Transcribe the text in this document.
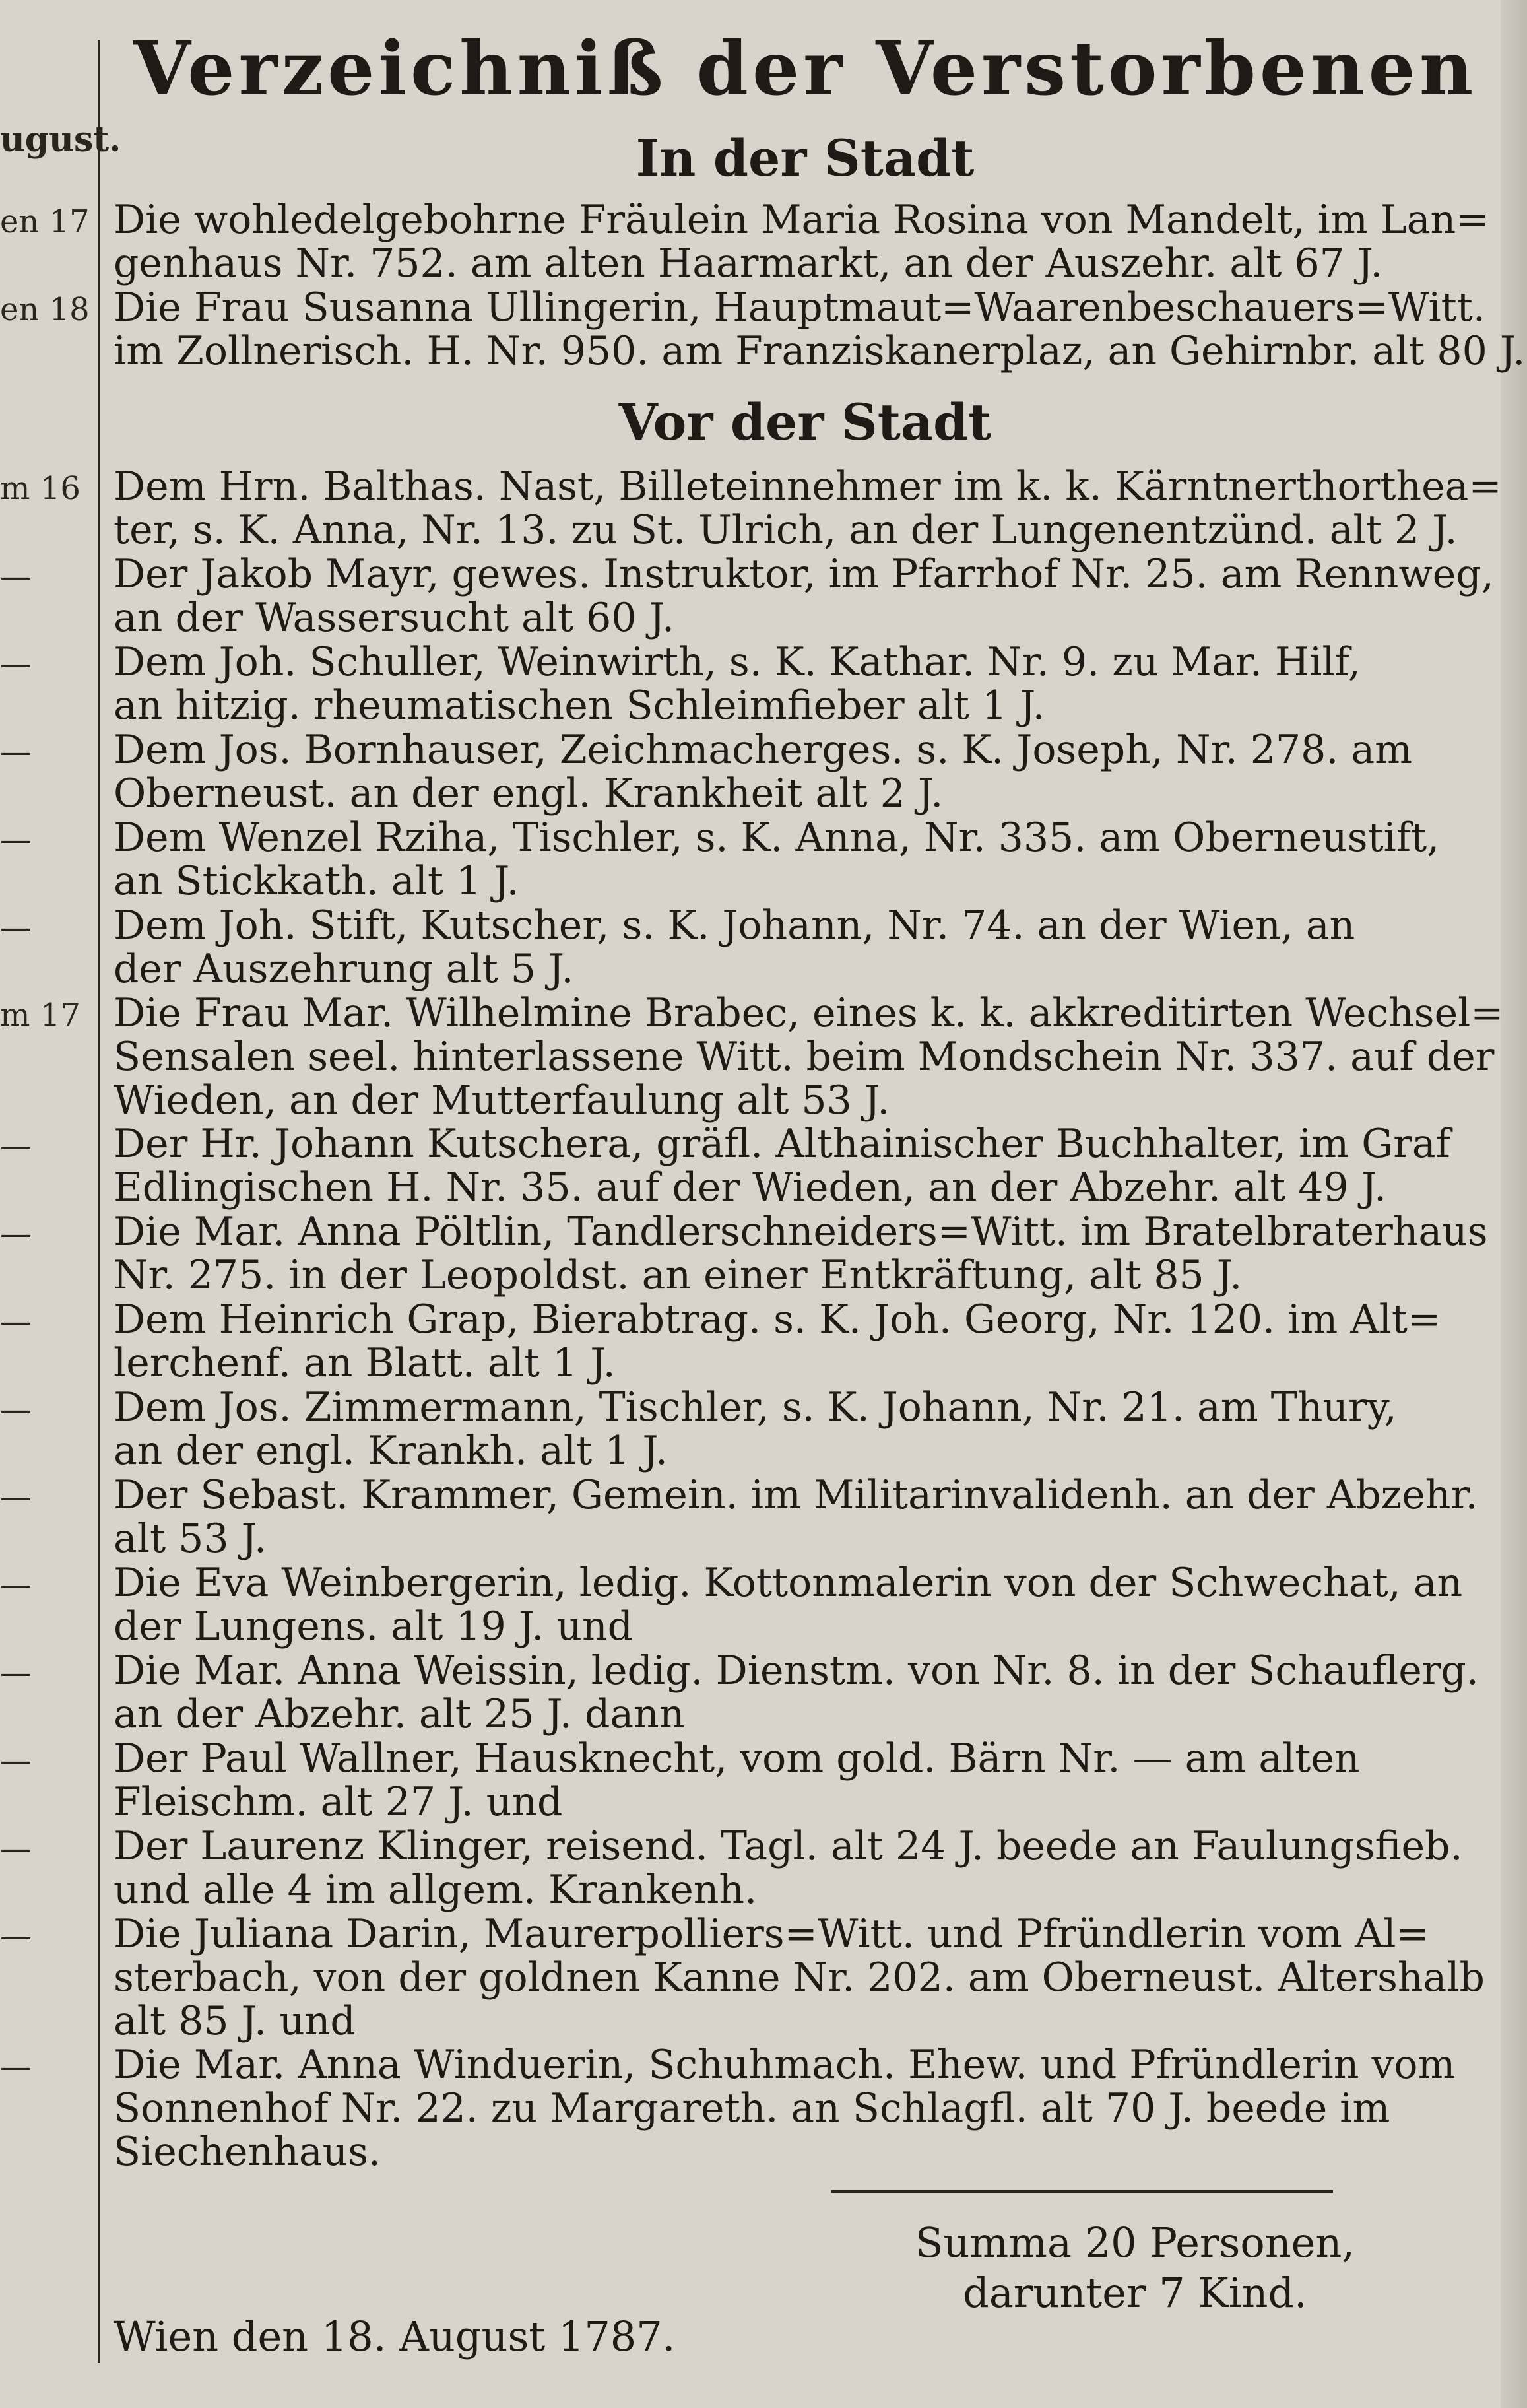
Verzeichniß der Verstorbenen
ugust.	In der Stadt
en 17 Die wohledelgebohrne Fräulein Maria Rosina von Mandelt, im Lan=
genhaus Nr. 752. am alten Haarmarkt, an der Auszehr. alt 67 J.
en 18 Die Frau Susanna Ullingerin, Hauptmaut=Waarenbeschauers=Witt.
im Zollnerisch. H. Nr. 950. am Franziskanerplaz, an Gehirnbr. alt 80 J.
Vor der Stadt
m 16 Dem Hrn. Balthas. Nast, Billeteinnehmer im k. k. Kärntnerthorthea=
ter, s. K. Anna, Nr. 13. zu St. Ulrich, an der Lungenentzünd. alt 2 J.
—	Der Jakob Mayr, gewes. Instruktor, im Pfarrhof Nr. 25. am Rennweg,
an der Wassersucht alt 60 J.
—	Dem Joh. Schuller, Weinwirth, s. K. Kathar. Nr. 9. zu Mar. Hilf,
an hitzig. rheumatischen Schleimfieber alt 1 J.
—	Dem Jos. Bornhauser, Zeichmacherges. s. K. Joseph, Nr. 278. am
Oberneust. an der engl. Krankheit alt 2 J.
—	Dem Wenzel Rziha, Tischler, s. K. Anna, Nr. 335. am Oberneustift,
an Stickkath. alt 1 J.
—	Dem Joh. Stift, Kutscher, s. K. Johann, Nr. 74. an der Wien, an
der Auszehrung alt 5 J.
m 17 Die Frau Mar. Wilhelmine Brabec, eines k. k. akkreditirten Wechsel=
Sensalen seel. hinterlassene Witt. beim Mondschein Nr. 337. auf der
Wieden, an der Mutterfaulung alt 53 J.
—	Der Hr. Johann Kutschera, gräfl. Althainischer Buchhalter, im Graf
Edlingischen H. Nr. 35. auf der Wieden, an der Abzehr. alt 49 J.
—	Die Mar. Anna Pöltlin, Tandlerschneiders=Witt. im Bratelbraterhaus
Nr. 275. in der Leopoldst. an einer Entkräftung, alt 85 J.
—	Dem Heinrich Grap, Bierabtrag. s. K. Joh. Georg, Nr. 120. im Alt=
lerchenf. an Blatt. alt 1 J.
—	Dem Jos. Zimmermann, Tischler, s. K. Johann, Nr. 21. am Thury,
an der engl. Krankh. alt 1 J.
—	Der Sebast. Krammer, Gemein. im Militarinvalidenh. an der Abzehr.
alt 53 J.
—	Die Eva Weinbergerin, ledig. Kottonmalerin von der Schwechat, an
der Lungens. alt 19 J. und
—	Die Mar. Anna Weissin, ledig. Dienstm. von Nr. 8. in der Schauflerg.
an der Abzehr. alt 25 J. dann
—	Der Paul Wallner, Hausknecht, vom gold. Bärn Nr. — am alten
Fleischm. alt 27 J. und
—	Der Laurenz Klinger, reisend. Tagl. alt 24 J. beede an Faulungsfieb.
und alle 4 im allgem. Krankenh.
—	Die Juliana Darin, Maurerpolliers=Witt. und Pfründlerin vom Al=
sterbach, von der goldnen Kanne Nr. 202. am Oberneust. Altershalb
alt 85 J. und
—	Die Mar. Anna Winduerin, Schuhmach. Ehew. und Pfründlerin vom
Sonnenhof Nr. 22. zu Margareth. an Schlagfl. alt 70 J. beede im
Siechenhaus.
Summa 20 Personen,
darunter 7 Kind.
Wien den 18. August 1787.
